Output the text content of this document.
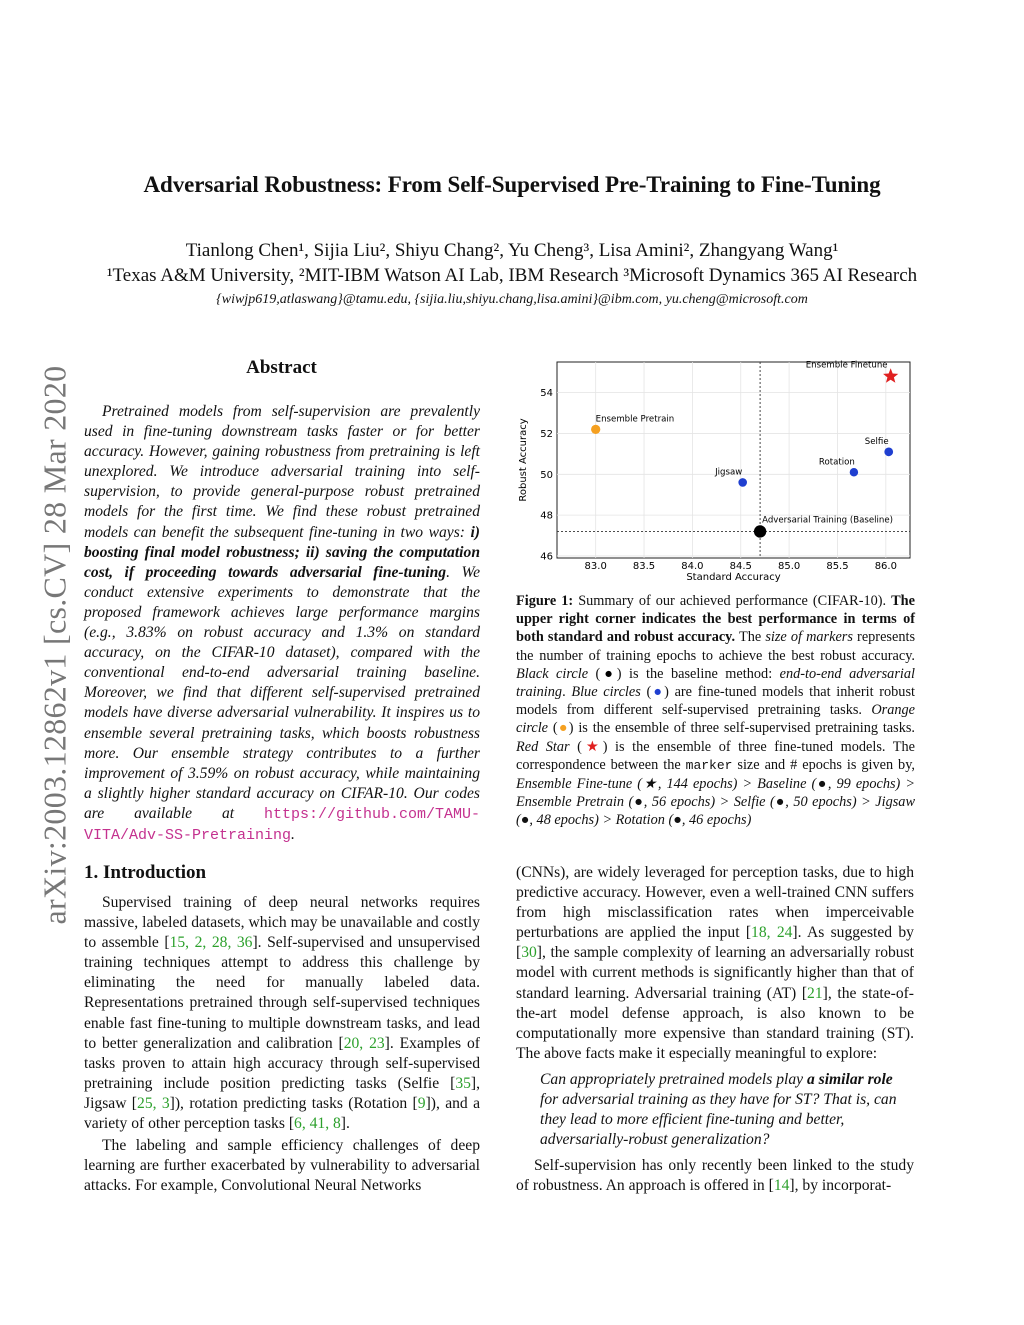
Adversarial Robustness: From Self-Supervised Pre-Training to Fine-Tuning
Tianlong Chen¹, Sijia Liu², Shiyu Chang², Yu Cheng³, Lisa Amini², Zhangyang Wang¹
¹Texas A&M University, ²MIT-IBM Watson AI Lab, IBM Research ³Microsoft Dynamics 365 AI Research
{wiwjp619,atlaswang}@tamu.edu, {sijia.liu,shiyu.chang,lisa.amini}@ibm.com, yu.cheng@microsoft.com
arXiv:2003.12862v1 [cs.CV] 28 Mar 2020	Abstract
Pretrained models from self-supervision are prevalently used in fine-tuning downstream tasks faster or for better accuracy. However, gaining robustness from pretraining is left unexplored. We introduce adversarial training into self-supervision, to provide general-purpose robust pretrained models for the first time. We find these robust pretrained models can benefit the subsequent fine-tuning in two ways: i) boosting final model robustness; ii) saving the computation cost, if proceeding towards adversarial fine-tuning. We conduct extensive experiments to demonstrate that the proposed framework achieves large performance margins (e.g., 3.83% on robust accuracy and 1.3% on standard accuracy, on the CIFAR-10 dataset), compared with the conventional end-to-end adversarial training baseline. Moreover, we find that different self-supervised pretrained models have diverse adversarial vulnerability. It inspires us to ensemble several pretraining tasks, which boosts robustness more. Our ensemble strategy contributes to a further improvement of 3.59% on robust accuracy, while maintaining a slightly higher standard accuracy on CIFAR-10. Our codes are available at https://github.com/TAMU-VITA/Adv-SS-Pretraining.
1. Introduction

Supervised training of deep neural networks requires massive, labeled datasets, which may be unavailable and costly to assemble [15, 2, 28, 36]. Self-supervised and unsupervised training techniques attempt to address this challenge by eliminating the need for manually labeled data. Representations pretrained through self-supervised techniques enable fast fine-tuning to multiple downstream tasks, and lead to better generalization and calibration [20, 23]. Examples of tasks proven to attain high accuracy through self-supervised pretraining include position predicting tasks (Selfie [35], Jigsaw [25, 3]), rotation predicting tasks (Rotation [9]), and a variety of other perception tasks [6, 41, 8].

The labeling and sample efficiency challenges of deep learning are further exacerbated by vulnerability to adversarial attacks. For example, Convolutional Neural Networks

83.0	83.5	84.0	84.5	85.0	85.5	86.0
46
48
50
52
54
Ensemble Finetune
Ensemble Pretrain
Selfie
Rotation
Jigsaw
Adversarial Training (Baseline)
Standard Accuracy
Robust Accuracy
Figure 1: Summary of our achieved performance (CIFAR-10). The upper right corner indicates the best performance in terms of both standard and robust accuracy. The size of markers represents the number of training epochs to achieve the best robust accuracy. Black circle (●) is the baseline method: end-to-end adversarial training. Blue circles (●) are fine-tuned models that inherit robust models from different self-supervised pretraining tasks. Orange circle (●) is the ensemble of three self-supervised pretraining tasks. Red Star (★) is the ensemble of three fine-tuned models. The correspondence between the marker size and # epochs is given by, Ensemble Fine-tune (★, 144 epochs) > Baseline (●, 99 epochs) > Ensemble Pretrain (●, 56 epochs) > Selfie (●, 50 epochs) > Jigsaw (●, 48 epochs) > Rotation (●, 46 epochs)

(CNNs), are widely leveraged for perception tasks, due to high predictive accuracy. However, even a well-trained CNN suffers from high misclassification rates when imperceivable perturbations are applied the input [18, 24]. As suggested by [30], the sample complexity of learning an adversarially robust model with current methods is significantly higher than that of standard learning. Adversarial training (AT) [21], the state-of-the-art model defense approach, is also known to be computationally more expensive than standard training (ST). The above facts make it especially meaningful to explore:

Can appropriately pretrained models play a similar role for adversarial training as they have for ST? That is, can they lead to more efficient fine-tuning and better, adversarially-robust generalization?

Self-supervision has only recently been linked to the study of robustness. An approach is offered in [14], by incorporat-
